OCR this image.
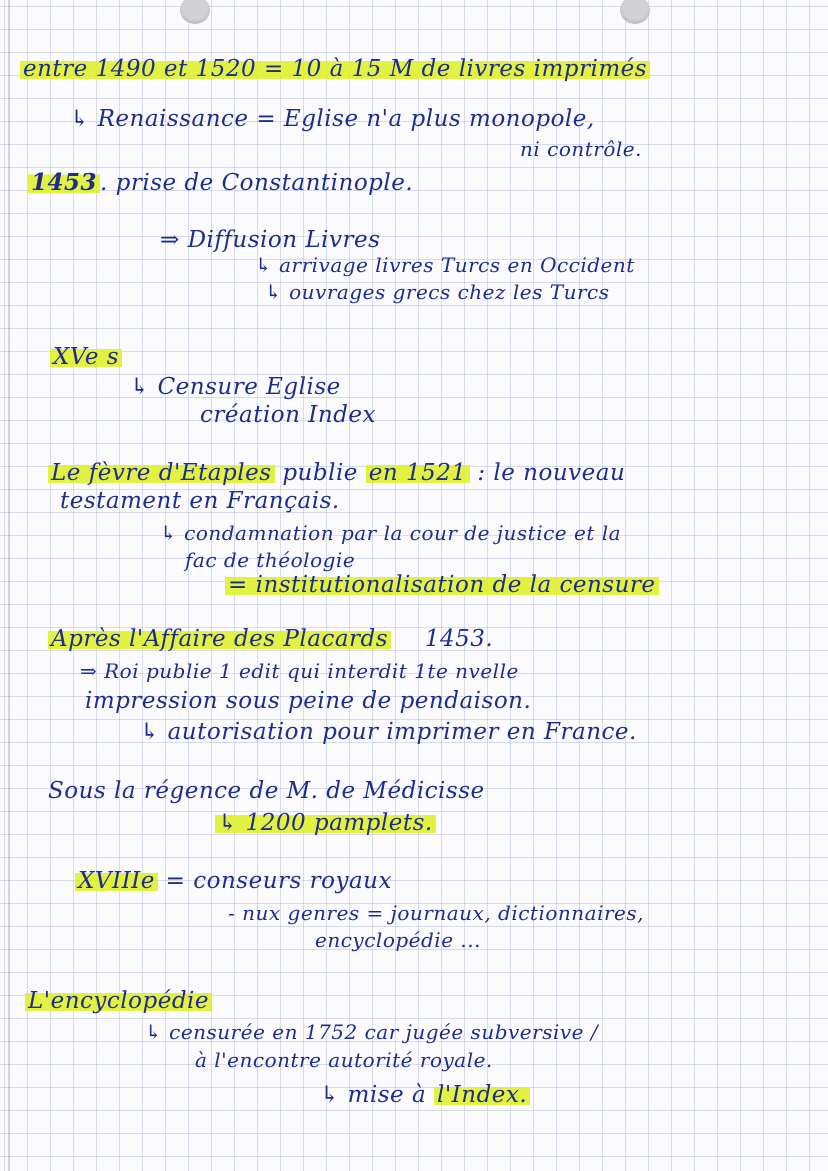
entre 1490 et 1520 = 10 à 15 M de livres imprimés
↳ Renaissance = Eglise n'a plus monopole,
ni contrôle.
1453 . prise de Constantinople.
⇒ Diffusion Livres
↳ arrivage livres Turcs en Occident
↳ ouvrages grecs chez les Turcs
XVe s
↳ Censure Eglise
création Index
Le fèvre d'Etaples publie en 1521 : le nouveau
testament en Français.
↳ condamnation par la cour de justice et la
fac de théologie
= institutionalisation de la censure
Après l'Affaire des Placards 1453.
⇒ Roi publie 1 edit qui interdit 1te nvelle
impression sous peine de pendaison.
↳ autorisation pour imprimer en France.
Sous la régence de M. de Médicisse
↳ 1200 pamplets.
XVIIIe = conseurs royaux
- nux genres = journaux, dictionnaires,
encyclopédie ...
L'encyclopédie
↳ censurée en 1752 car jugée subversive /
à l'encontre autorité royale.
↳ mise à l'Index.
